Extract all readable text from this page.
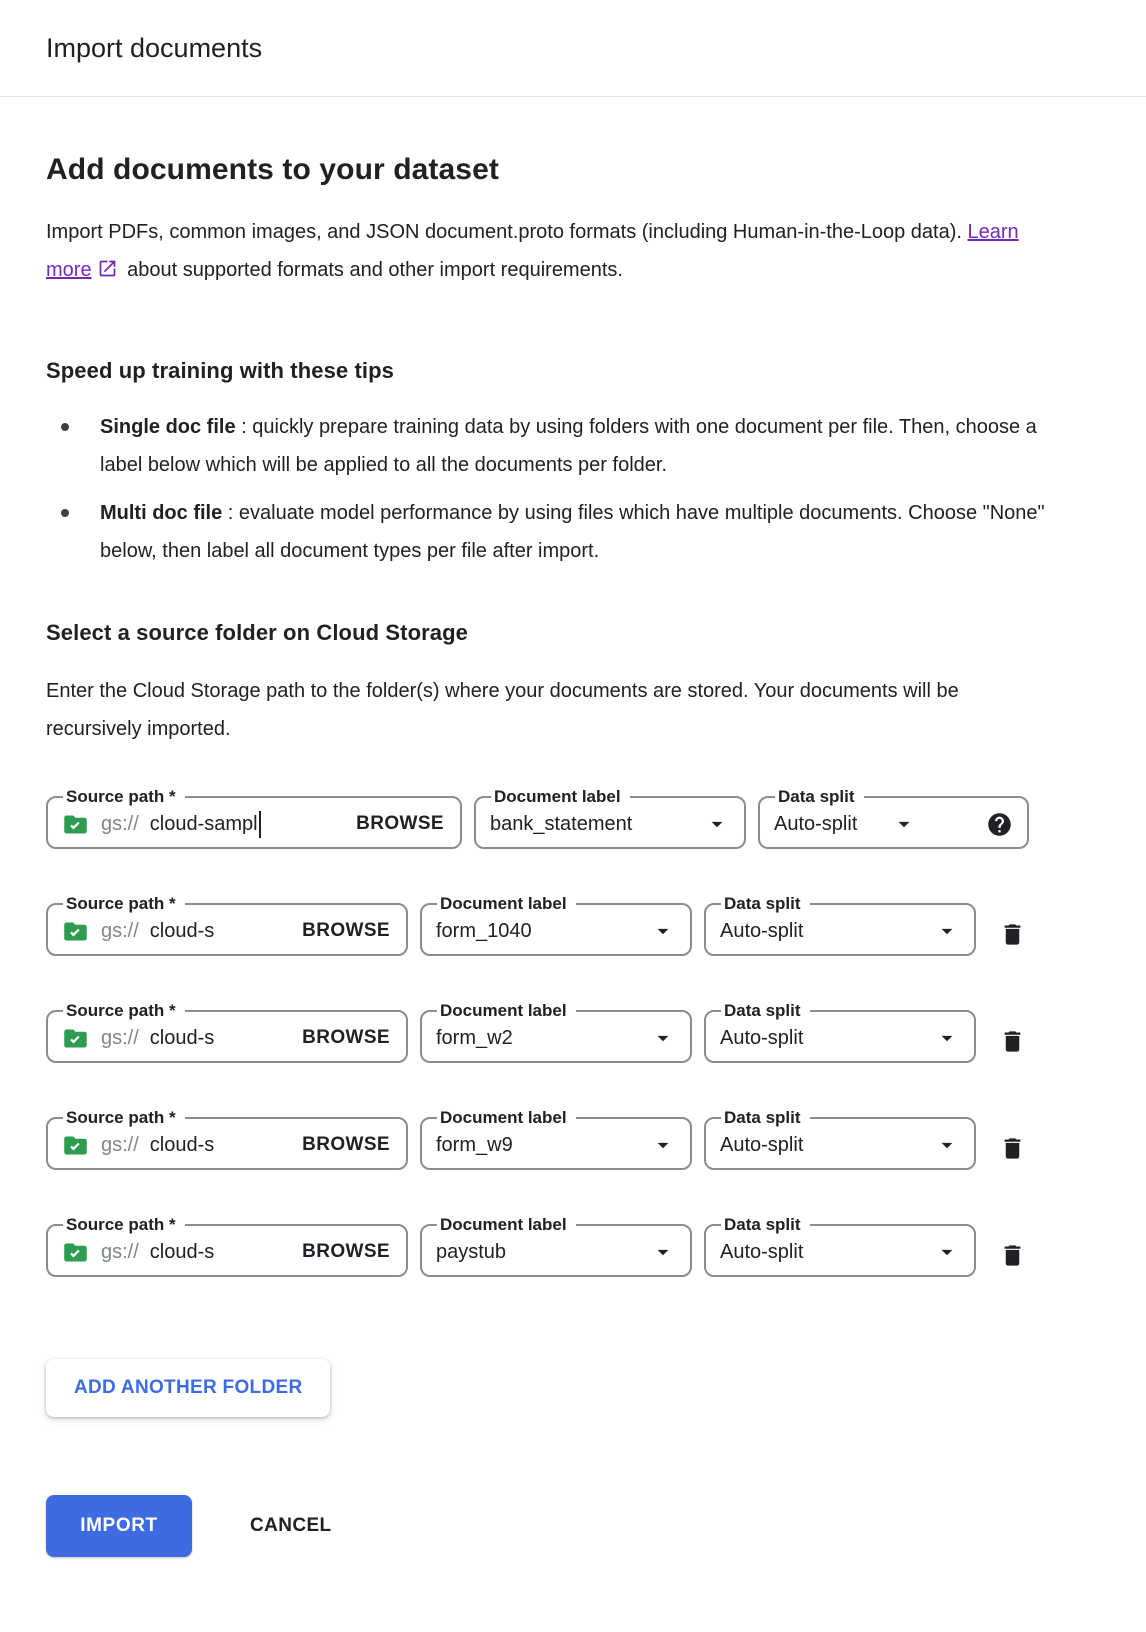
Import documents
Add documents to your dataset

Import PDFs, common images, and JSON document.proto formats (including Human-in-the-Loop data). Learn more about supported formats and other import requirements.

Speed up training with these tips

Single doc file : quickly prepare training data by using folders with one document per file. Then, choose a label below which will be applied to all the documents per folder.

Multi doc file : evaluate model performance by using files which have multiple documents. Choose "None" below, then label all document types per file after import.

Select a source folder on Cloud Storage

Enter the Cloud Storage path to the folder(s) where your documents are stored. Your documents will be recursively imported.

Source path *
gs:// cloud-sampl	BROWSE
Document label
bank_statement
Data split
Auto-split
Source path *
gs:// cloud-s	BROWSE
Document label
form_1040
Data split
Auto-split
Source path *
gs:// cloud-s	BROWSE
Document label
form_w2
Data split
Auto-split
Source path *
gs:// cloud-s	BROWSE
Document label
form_w9
Data split
Auto-split
Source path *
gs:// cloud-s	BROWSE
Document label
paystub
Data split
Auto-split
ADD ANOTHER FOLDER
IMPORT	CANCEL
